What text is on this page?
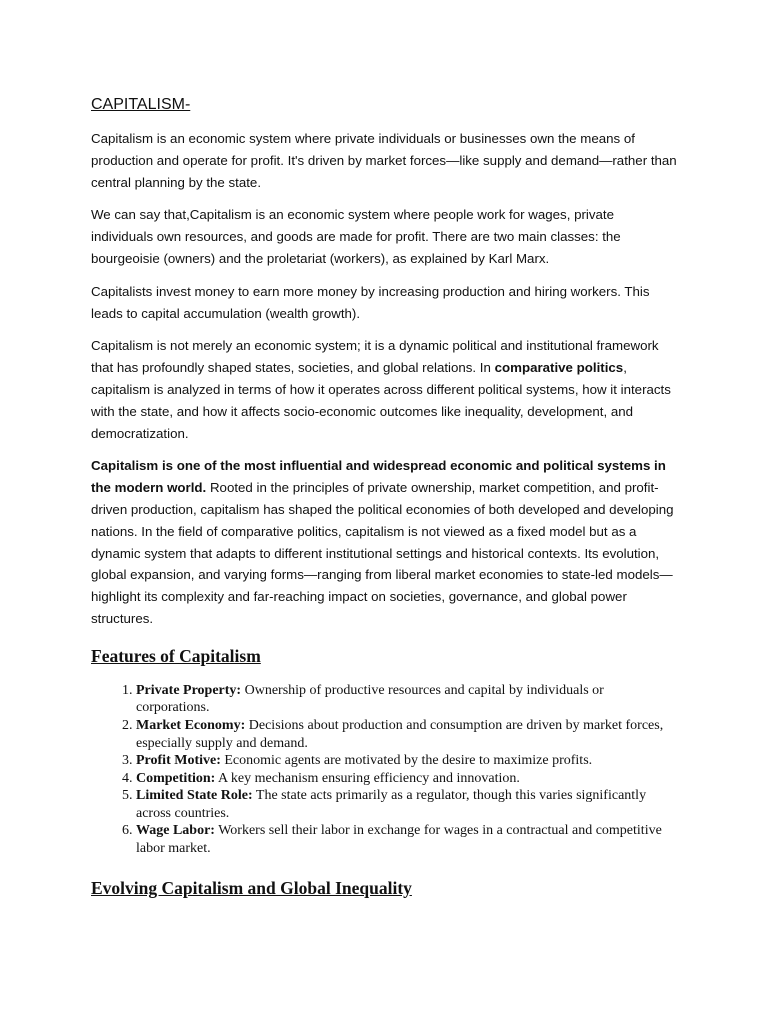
CAPITALISM-

Capitalism is an economic system where private individuals or businesses own the means of production and operate for profit. It's driven by market forces—like supply and demand—rather than central planning by the state.

We can say that,Capitalism is an economic system where people work for wages, private individuals own resources, and goods are made for profit. There are two main classes: the bourgeoisie (owners) and the proletariat (workers), as explained by Karl Marx.

Capitalists invest money to earn more money by increasing production and hiring workers. This leads to capital accumulation (wealth growth).

Capitalism is not merely an economic system; it is a dynamic political and institutional framework that has profoundly shaped states, societies, and global relations. In comparative politics, capitalism is analyzed in terms of how it operates across different political systems, how it interacts with the state, and how it affects socio-economic outcomes like inequality, development, and democratization.

Capitalism is one of the most influential and widespread economic and political systems in the modern world. Rooted in the principles of private ownership, market competition, and profit-driven production, capitalism has shaped the political economies of both developed and developing nations. In the field of comparative politics, capitalism is not viewed as a fixed model but as a dynamic system that adapts to different institutional settings and historical contexts. Its evolution, global expansion, and varying forms—ranging from liberal market economies to state-led models—highlight its complexity and far-reaching impact on societies, governance, and global power structures.

Features of Capitalism
1. Private Property: Ownership of productive resources and capital by individuals or corporations.
2. Market Economy: Decisions about production and consumption are driven by market forces, especially supply and demand.
3. Profit Motive: Economic agents are motivated by the desire to maximize profits.
4. Competition: A key mechanism ensuring efficiency and innovation.
5. Limited State Role: The state acts primarily as a regulator, though this varies significantly across countries.
6. Wage Labor: Workers sell their labor in exchange for wages in a contractual and competitive labor market.
Evolving Capitalism and Global Inequality
